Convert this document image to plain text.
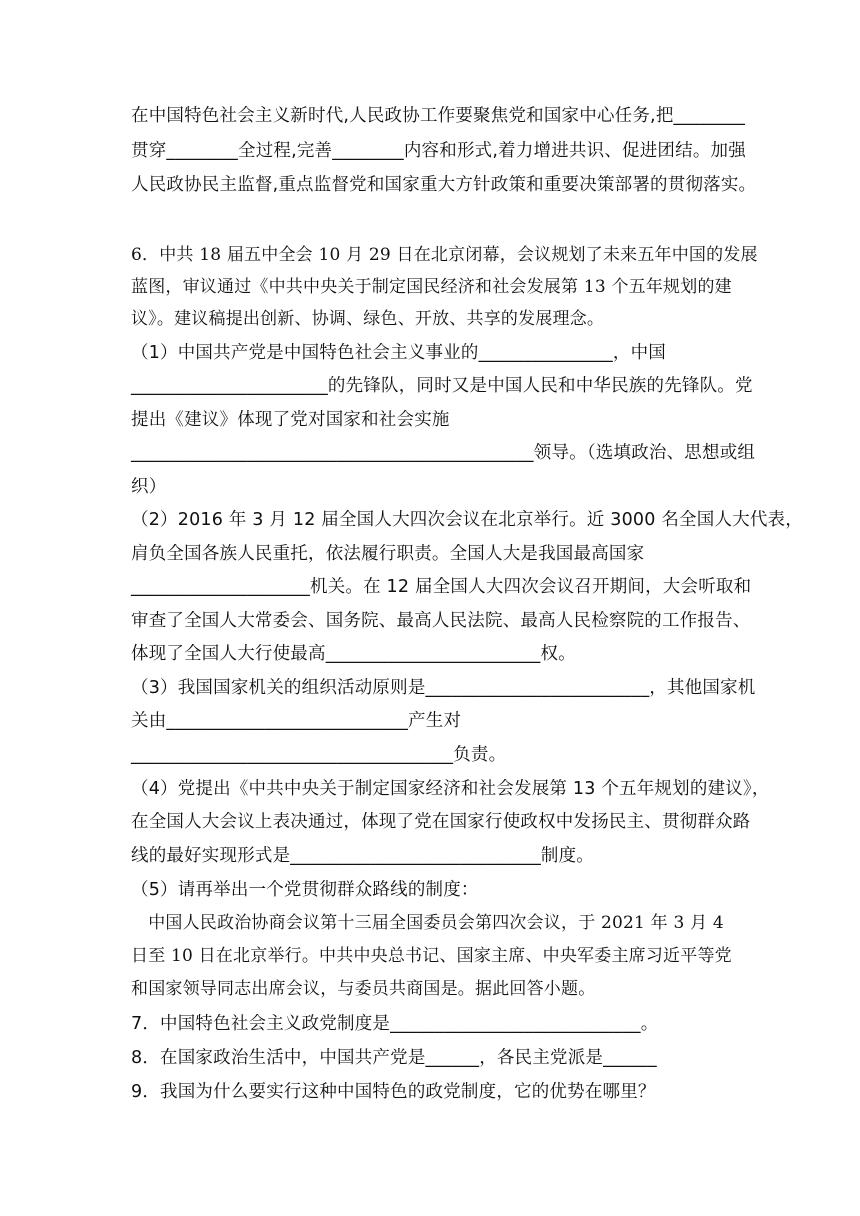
在中国特色社会主义新时代,人民政协工作要聚焦党和国家中心任务,把________
贯穿________全过程,完善________内容和形式,着力增进共识、促进团结。加强
人民政协民主监督,重点监督党和国家重大方针政策和重要决策部署的贯彻落实。
6．中共 18 届五中全会 10 月 29 日在北京闭幕，会议规划了未来五年中国的发展
蓝图，审议通过《中共中央关于制定国民经济和社会发展第 13 个五年规划的建
议》。建议稿提出创新、协调、绿色、开放、共享的发展理念。
（1）中国共产党是中国特色社会主义事业的_______________，中国
______________________的先锋队，同时又是中国人民和中华民族的先锋队。党
提出《建议》体现了党对国家和社会实施
_____________________________________________领导。（选填政治、思想或组
织）
（2）2016 年 3 月 12 届全国人大四次会议在北京举行。近 3000 名全国人大代表，
肩负全国各族人民重托，依法履行职责。全国人大是我国最高国家
____________________机关。在 12 届全国人大四次会议召开期间，大会听取和
审查了全国人大常委会、国务院、最高人民法院、最高人民检察院的工作报告、
体现了全国人大行使最高________________________权。
（3）我国国家机关的组织活动原则是_________________________，其他国家机
关由___________________________产生对
____________________________________负责。
（4）党提出《中共中央关于制定国家经济和社会发展第 13 个五年规划的建议》，
在全国人大会议上表决通过，体现了党在国家行使政权中发扬民主、贯彻群众路
线的最好实现形式是____________________________制度。
（5）请再举出一个党贯彻群众路线的制度：
　中国人民政治协商会议第十三届全国委员会第四次会议，于 2021 年 3 月 4
日至 10 日在北京举行。中共中央总书记、国家主席、中央军委主席习近平等党
和国家领导同志出席会议，与委员共商国是。据此回答小题。
7．中国特色社会主义政党制度是____________________________。
8．在国家政治生活中，中国共产党是______，各民主党派是______
9．我国为什么要实行这种中国特色的政党制度，它的优势在哪里？
